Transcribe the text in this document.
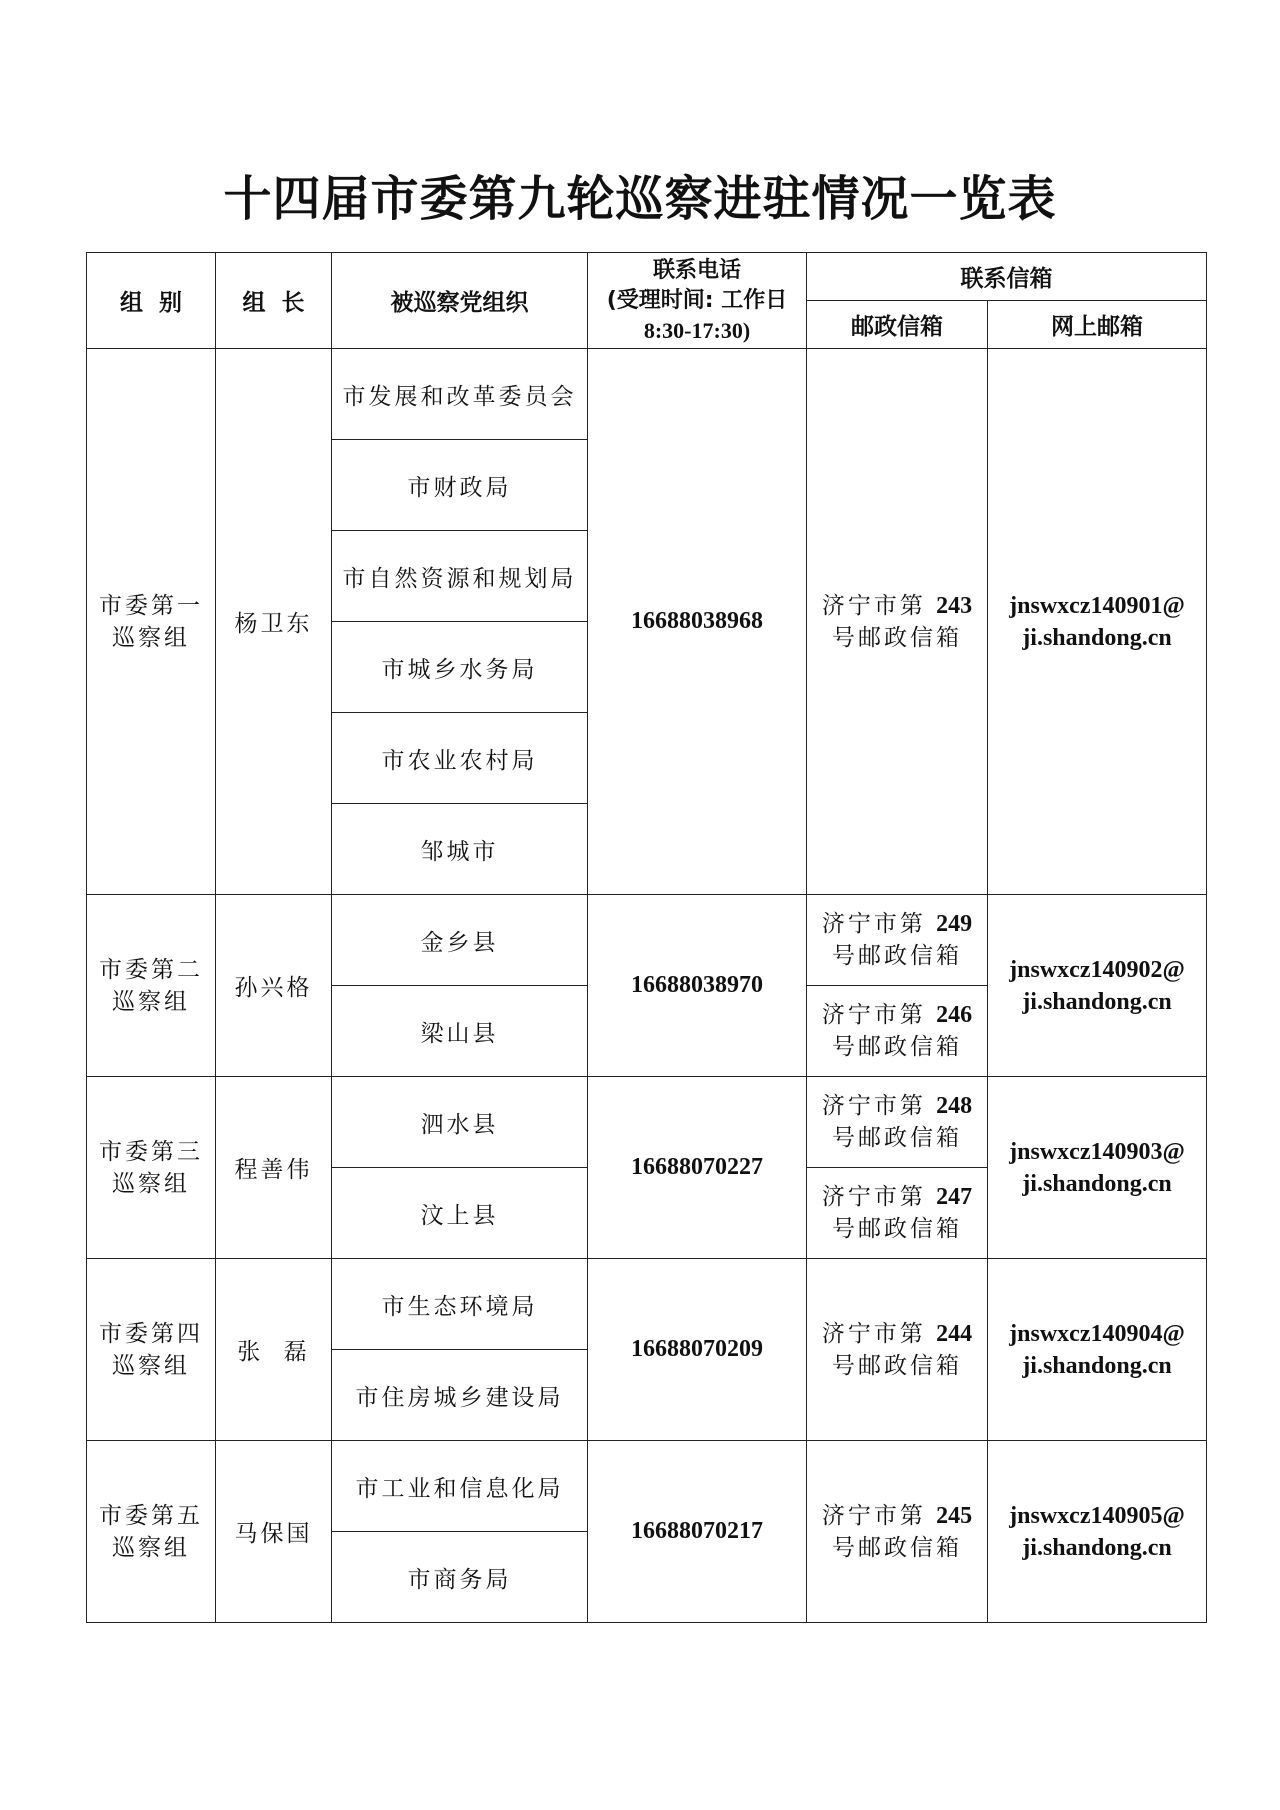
十四届市委第九轮巡察进驻情况一览表
组  别	组  长	被巡察党组织	联系电话
(受理时间: 工作日
8:30-17:30)	联系信箱	
				邮政信箱	网上邮箱

市委第一
巡察组	杨卫东	市发展和改革委员会	16688038968	济宁市第 243
号邮政信箱	jnswxcz140901@
ji.shandong.cn

		市财政局			
		市自然资源和规划局			
		市城乡水务局			
		市农业农村局			
		邹城市			

市委第二
巡察组	孙兴格	金乡县	16688038970	济宁市第 249
号邮政信箱	jnswxcz140902@
ji.shandong.cn

		梁山县		济宁市第 246
号邮政信箱	

市委第三
巡察组	程善伟	泗水县	16688070227	济宁市第 248
号邮政信箱	jnswxcz140903@
ji.shandong.cn

		汶上县		济宁市第 247
号邮政信箱	

市委第四
巡察组	张  磊	市生态环境局	16688070209	济宁市第 244
号邮政信箱	jnswxcz140904@
ji.shandong.cn

		市住房城乡建设局			

市委第五
巡察组	马保国	市工业和信息化局	16688070217	济宁市第 245
号邮政信箱	jnswxcz140905@
ji.shandong.cn

		市商务局			
